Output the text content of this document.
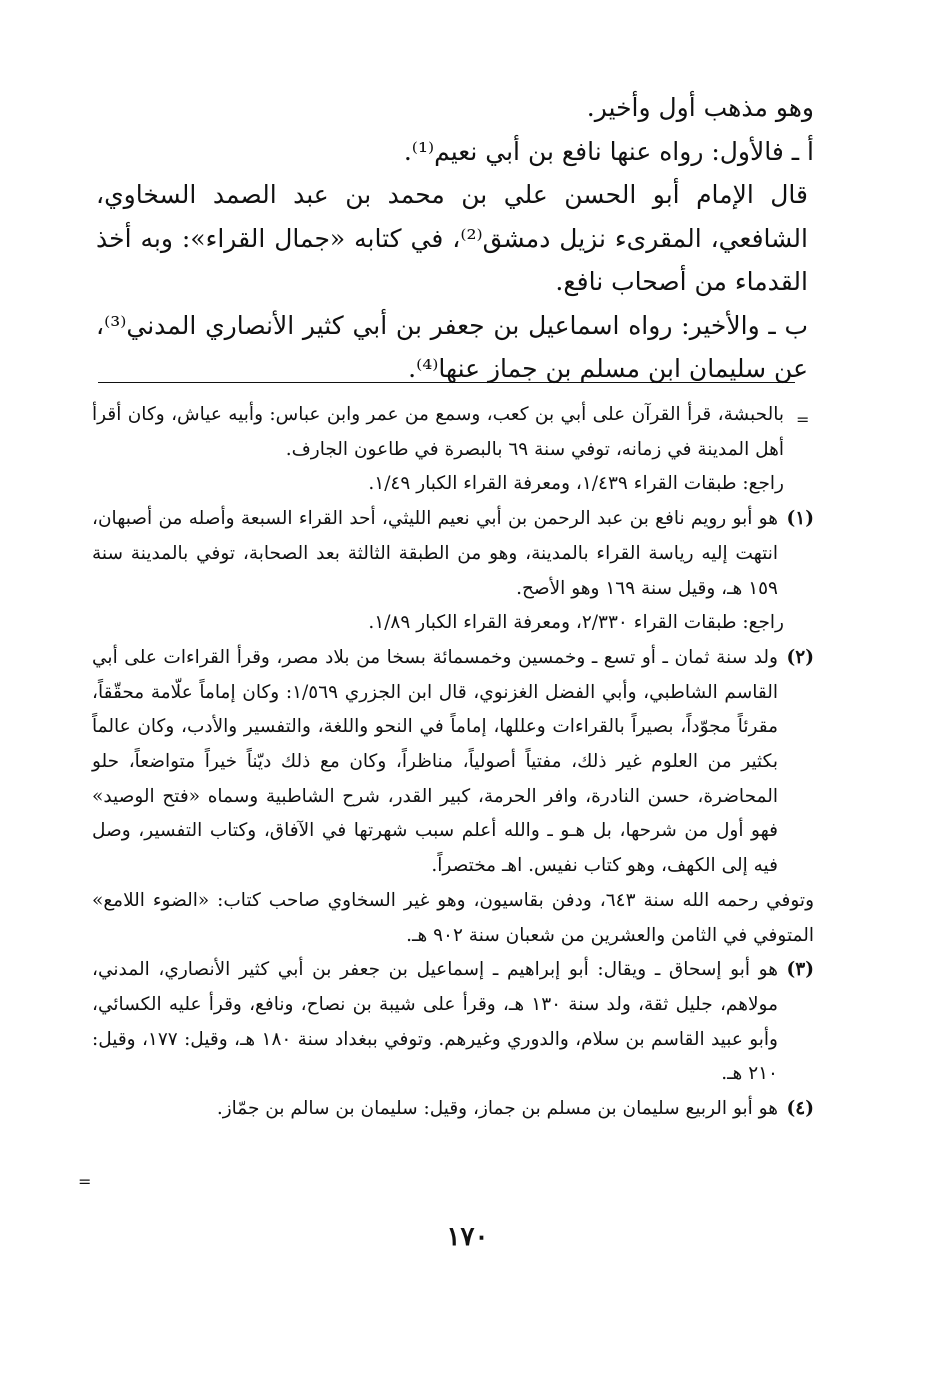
وهو مذهب أول وأخير.

أ ـ فالأول: رواه عنها نافع بن أبي نعيم⁽¹⁾.

قال الإمام أبو الحسن علي بن محمد بن عبد الصمد السخاوي، الشافعي، المقرىء نزيل دمشق⁽²⁾، في كتابه «جمال القراء»: وبه أخذ القدماء من أصحاب نافع.

ب ـ والأخير: رواه اسماعيل بن جعفر بن أبي كثير الأنصاري المدني⁽³⁾، عن سليمان ابن مسلم بن جماز عنها⁽⁴⁾.

=

بالحبشة، قرأ القرآن على أبي بن كعب، وسمع من عمر وابن عباس: وأبيه عياش، وكان أقرأ أهل المدينة في زمانه، توفي سنة ٦٩ بالبصرة في طاعون الجارف.

راجع: طبقات القراء ١/٤٣٩، ومعرفة القراء الكبار ١/٤٩.

(١)
هو أبو رويم نافع بن عبد الرحمن بن أبي نعيم الليثي، أحد القراء السبعة وأصله من أصبهان، انتهت إليه رياسة القراء بالمدينة، وهو من الطبقة الثالثة بعد الصحابة، توفي بالمدينة سنة ١٥٩ هـ، وقيل سنة ١٦٩ وهو الأصح.

راجع: طبقات القراء ٢/٣٣٠، ومعرفة القراء الكبار ١/٨٩.

(٢)
ولد سنة ثمان ـ أو تسع ـ وخمسين وخمسمائة بسخا من بلاد مصر، وقرأ القراءات على أبي القاسم الشاطبي، وأبي الفضل الغزنوي، قال ابن الجزري ١/٥٦٩: وكان إماماً علّامة محقّقاً، مقرئاً مجوّداً، بصيراً بالقراءات وعللها، إماماً في النحو واللغة، والتفسير والأدب، وكان عالماً بكثير من العلوم غير ذلك، مفتياً أصولياً، مناظراً، وكان مع ذلك ديّناً خيراً متواضعاً، حلو المحاضرة، حسن النادرة، وافر الحرمة، كبير القدر، شرح الشاطبية وسماه «فتح الوصيد» فهو أول من شرحها، بل هـو ـ والله أعلم سبب شهرتها في الآفاق، وكتاب التفسير، وصل فيه إلى الكهف، وهو كتاب نفيس. اهـ مختصراً.

وتوفي رحمه الله سنة ٦٤٣، ودفن بقاسيون، وهو غير السخاوي صاحب كتاب: «الضوء اللامع» المتوفي في الثامن والعشرين من شعبان سنة ٩٠٢ هـ.

(٣)
هو أبو إسحاق ـ ويقال: أبو إبراهيم ـ إسماعيل بن جعفر بن أبي كثير الأنصاري، المدني، مولاهم، جليل ثقة، ولد سنة ١٣٠ هـ، وقرأ على شيبة بن نصاح، ونافع، وقرأ عليه الكسائي، وأبو عبيد القاسم بن سلام، والدوري وغيرهم. وتوفي ببغداد سنة ١٨٠ هـ، وقيل: ١٧٧، وقيل: ٢١٠ هـ.
(٤)
هو أبو الربيع سليمان بن مسلم بن جماز، وقيل: سليمان بن سالم بن جمّاز.
=
١٧٠
